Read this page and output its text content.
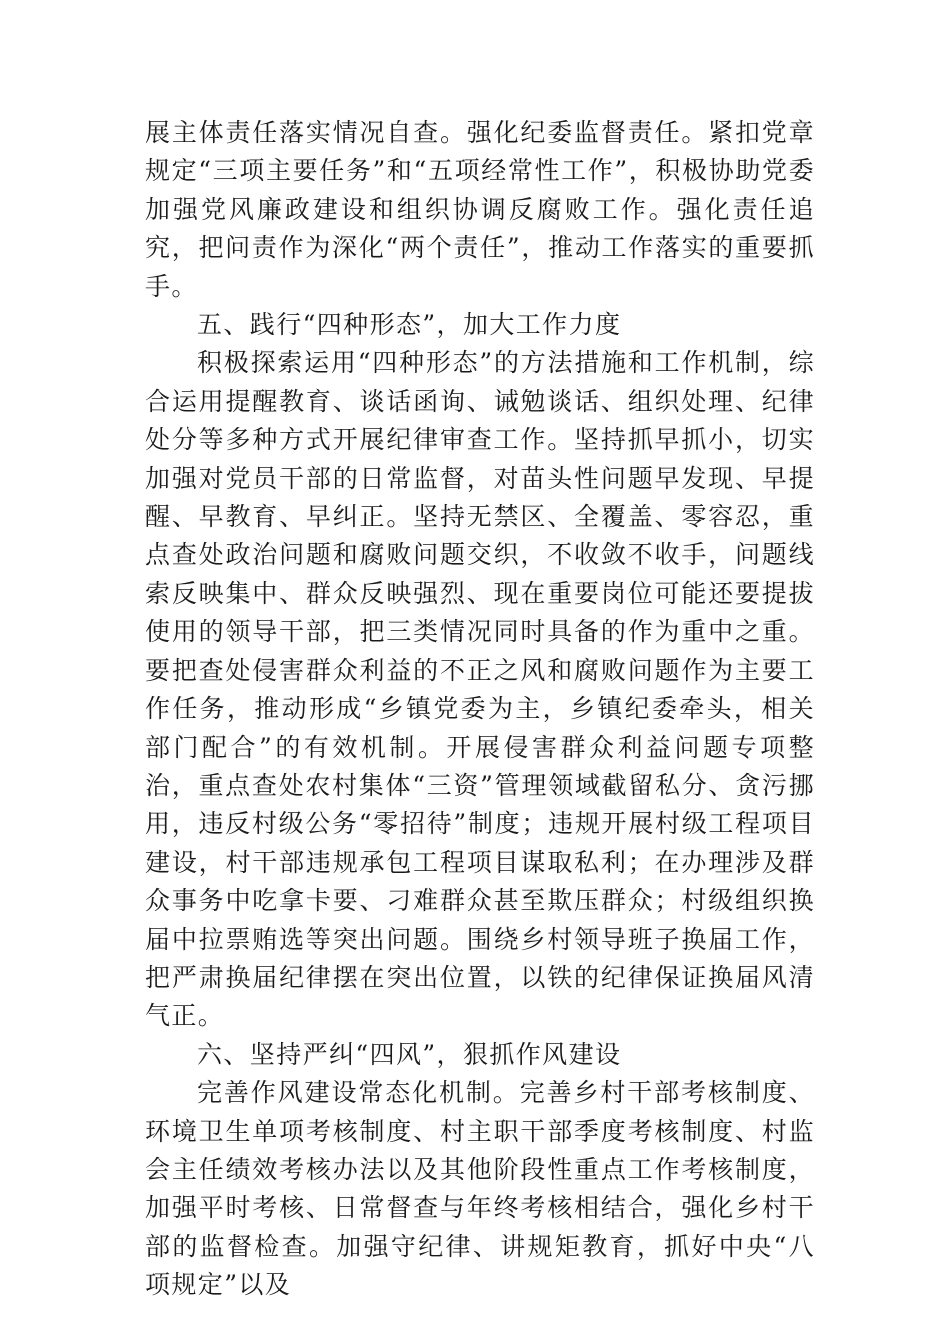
展主体责任落实情况自查。强化纪委监督责任。紧扣党章规定“三项主要任务”和“五项经常性工作”，积极协助党委加强党风廉政建设和组织协调反腐败工作。强化责任追究，把问责作为深化“两个责任”，推动工作落实的重要抓手。

五、践行“四种形态”，加大工作力度

积极探索运用“四种形态”的方法措施和工作机制，综合运用提醒教育、谈话函询、诫勉谈话、组织处理、纪律处分等多种方式开展纪律审查工作。坚持抓早抓小，切实加强对党员干部的日常监督，对苗头性问题早发现、早提醒、早教育、早纠正。坚持无禁区、全覆盖、零容忍，重点查处政治问题和腐败问题交织，不收敛不收手，问题线索反映集中、群众反映强烈、现在重要岗位可能还要提拔使用的领导干部，把三类情况同时具备的作为重中之重。要把查处侵害群众利益的不正之风和腐败问题作为主要工作任务，推动形成“乡镇党委为主，乡镇纪委牵头，相关部门配合”的有效机制。开展侵害群众利益问题专项整治，重点查处农村集体“三资”管理领域截留私分、贪污挪用，违反村级公务“零招待”制度；违规开展村级工程项目建设，村干部违规承包工程项目谋取私利；在办理涉及群众事务中吃拿卡要、刁难群众甚至欺压群众；村级组织换届中拉票贿选等突出问题。围绕乡村领导班子换届工作，把严肃换届纪律摆在突出位置，以铁的纪律保证换届风清气正。

六、坚持严纠“四风”，狠抓作风建设

完善作风建设常态化机制。完善乡村干部考核制度、环境卫生单项考核制度、村主职干部季度考核制度、村监会主任绩效考核办法以及其他阶段性重点工作考核制度，加强平时考核、日常督查与年终考核相结合，强化乡村干部的监督检查。加强守纪律、讲规矩教育，抓好中央“八项规定”以及
